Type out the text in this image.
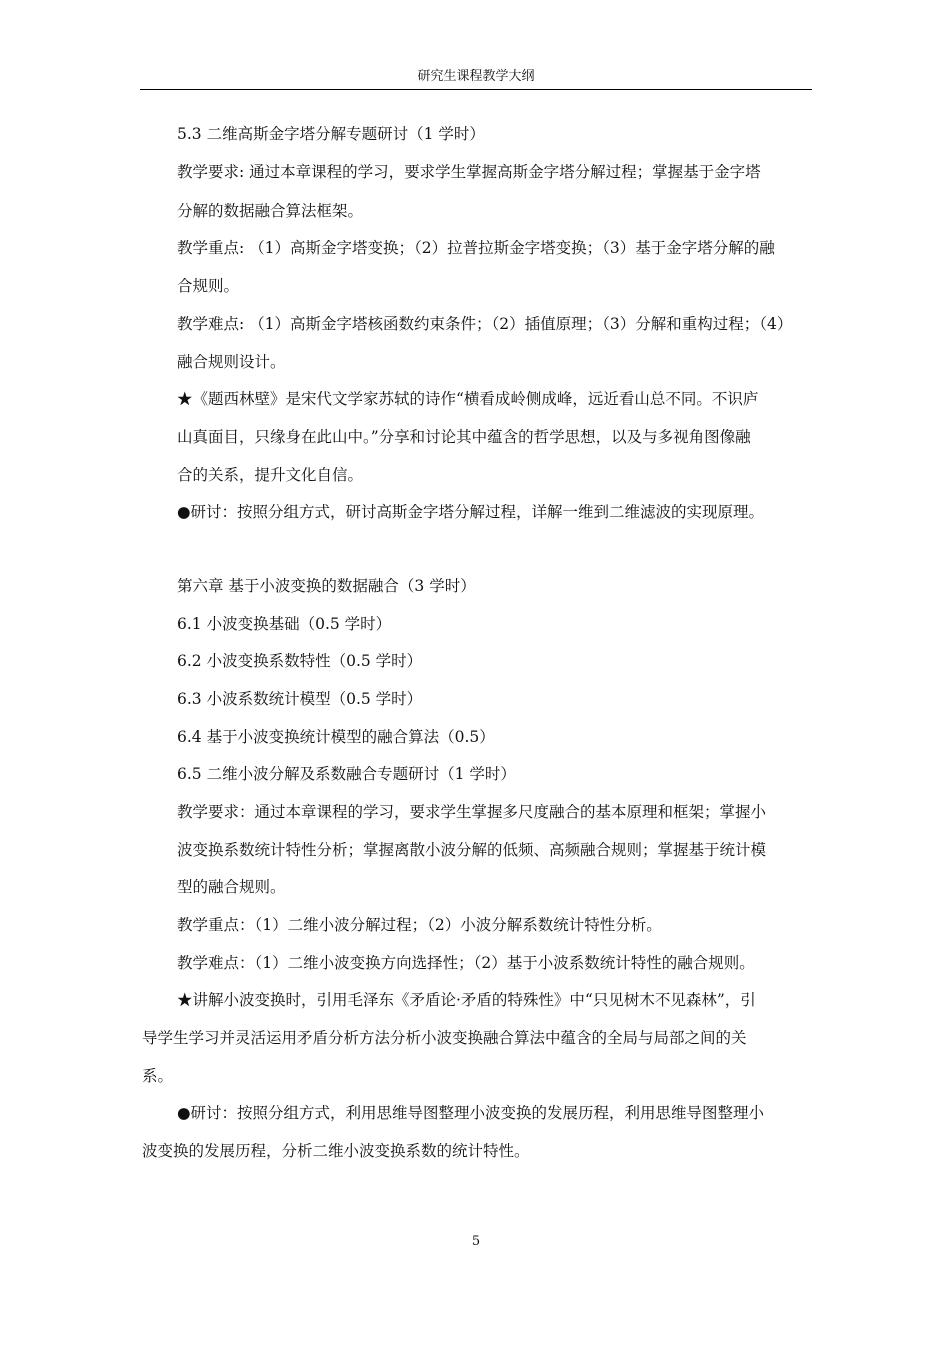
研究生课程教学大纲
5.3 二维高斯金字塔分解专题研讨（1 学时）
教学要求: 通过本章课程的学习，要求学生掌握高斯金字塔分解过程；掌握基于金字塔
分解的数据融合算法框架。
教学重点: （1）高斯金字塔变换；（2）拉普拉斯金字塔变换；（3）基于金字塔分解的融
合规则。
教学难点: （1）高斯金字塔核函数约束条件；（2）插值原理；（3）分解和重构过程；（4）
融合规则设计。
★《题西林壁》是宋代文学家苏轼的诗作“横看成岭侧成峰，远近看山总不同。不识庐
山真面目，只缘身在此山中。”分享和讨论其中蕴含的哲学思想，以及与多视角图像融
合的关系，提升文化自信。
●研讨：按照分组方式，研讨高斯金字塔分解过程，详解一维到二维滤波的实现原理。
第六章 基于小波变换的数据融合（3 学时）
6.1 小波变换基础（0.5 学时）
6.2 小波变换系数特性（0.5 学时）
6.3 小波系数统计模型（0.5 学时）
6.4 基于小波变换统计模型的融合算法（0.5）
6.5 二维小波分解及系数融合专题研讨（1 学时）
教学要求：通过本章课程的学习，要求学生掌握多尺度融合的基本原理和框架；掌握小
波变换系数统计特性分析；掌握离散小波分解的低频、高频融合规则；掌握基于统计模
型的融合规则。
教学重点：（1）二维小波分解过程；（2）小波分解系数统计特性分析。
教学难点：（1）二维小波变换方向选择性；（2）基于小波系数统计特性的融合规则。
★讲解小波变换时，引用毛泽东《矛盾论·矛盾的特殊性》中“只见树木不见森林”，引
导学生学习并灵活运用矛盾分析方法分析小波变换融合算法中蕴含的全局与局部之间的关
系。
●研讨：按照分组方式，利用思维导图整理小波变换的发展历程，利用思维导图整理小
波变换的发展历程，分析二维小波变换系数的统计特性。
5
